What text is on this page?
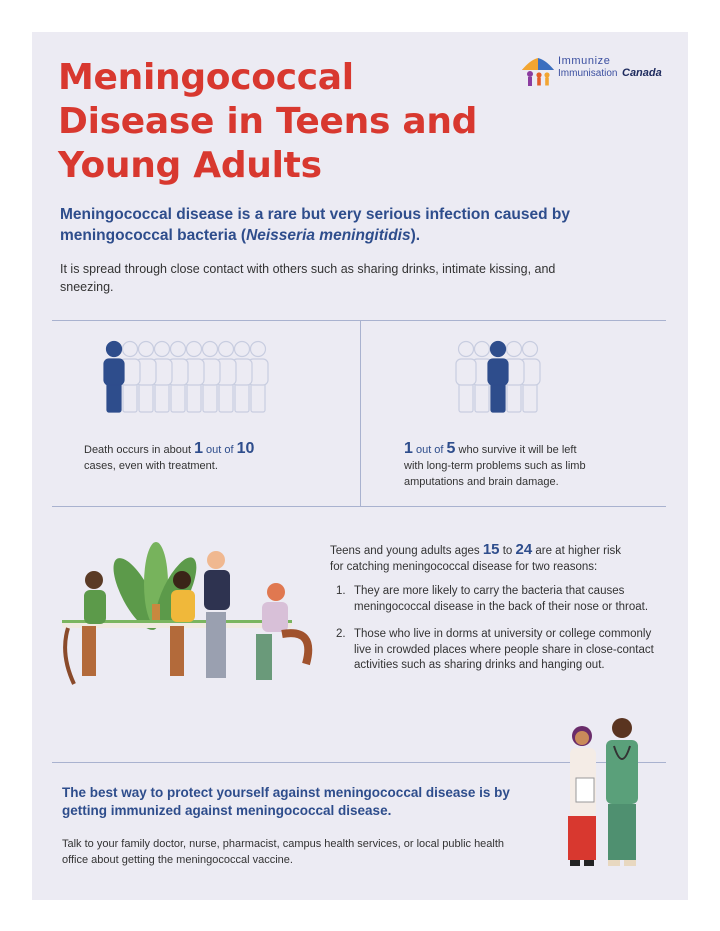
Meningococcal Disease in Teens and Young Adults
Immunize
Immunisation Canada

Meningococcal disease is a rare but very serious infection caused by meningococcal bacteria (Neisseria meningitidis).

It is spread through close contact with others such as sharing drinks, intimate kissing, and sneezing.

Death occurs in about 1 out of 10
cases, even with treatment.

1 out of 5 who survive it will be left
with long-term problems such as limb
amputations and brain damage.

Teens and young adults ages 15 to 24 are at higher risk
for catching meningococcal disease for two reasons:

1. They are more likely to carry the bacteria that causes meningococcal disease in the back of their nose or throat.
2. Those who live in dorms at university or college commonly live in crowded places where people share in close-contact activities such as sharing drinks and hanging out.

The best way to protect yourself against meningococcal disease is by getting immunized against meningococcal disease.

Talk to your family doctor, nurse, pharmacist, campus health services, or local public health office about getting the meningococcal vaccine.
